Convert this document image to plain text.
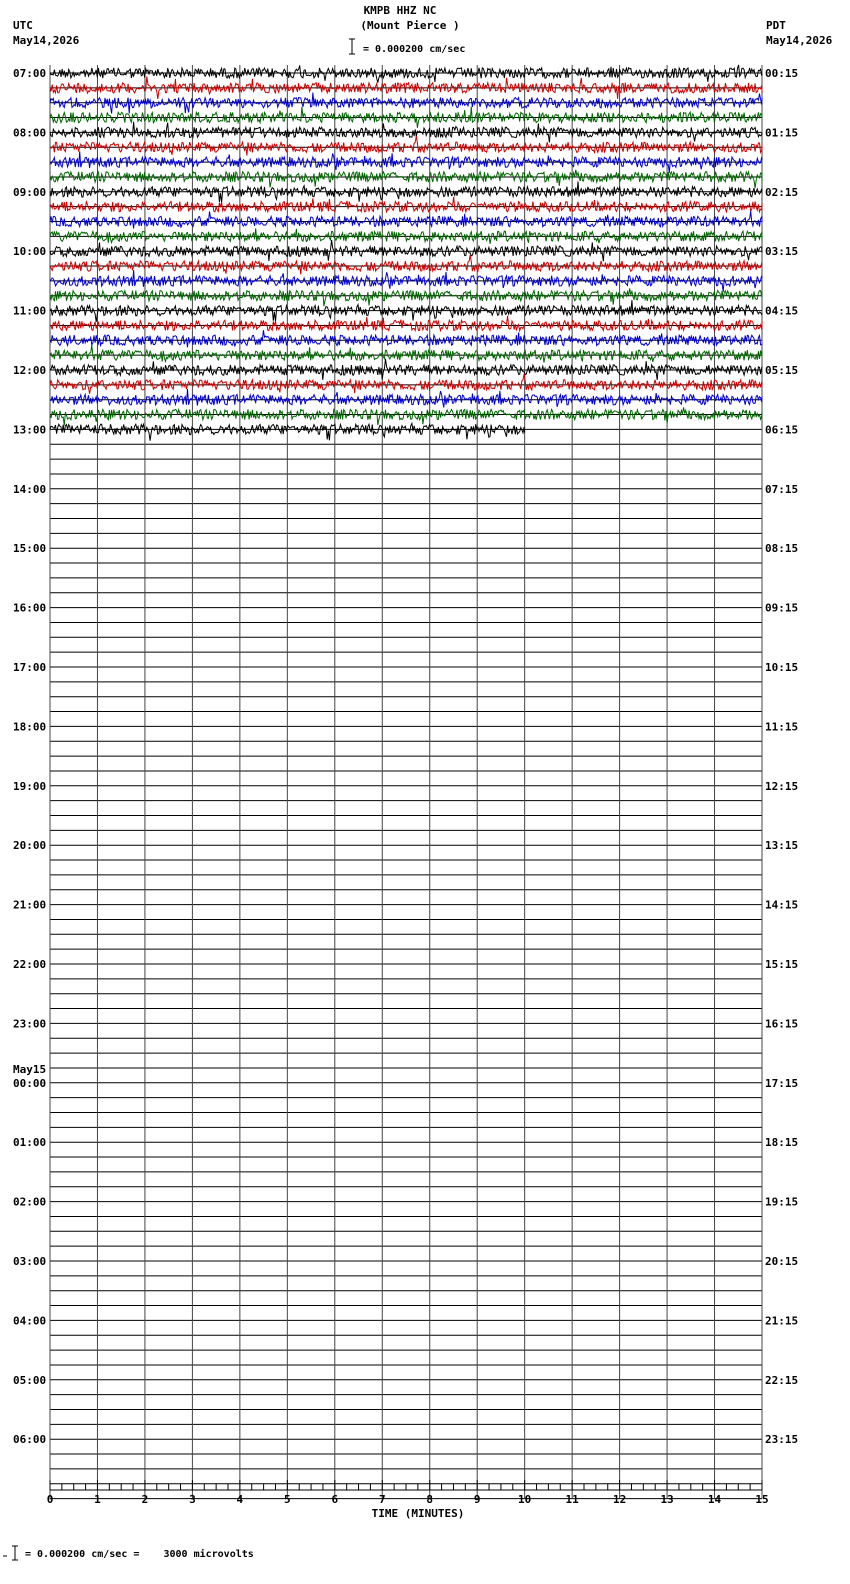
KMPB HHZ NC
(Mount Pierce )
UTC
May14,2026
PDT
May14,2026
= 0.000200 cm/sec
= 0.000200 cm/sec =    3000 microvolts
0	1	2	3	4	5	6	7	8	9	10	11	12	13	14	15
TIME (MINUTES)
07:00
08:00
09:00
10:00
11:00
12:00
13:00
14:00
15:00
16:00
17:00
18:00
19:00
20:00
21:00
22:00
23:00
00:00
01:00
02:00
03:00
04:00
05:00
06:00
00:15
01:15
02:15
03:15
04:15
05:15
06:15
07:15
08:15
09:15
10:15
11:15
12:15
13:15
14:15
15:15
16:15
17:15
18:15
19:15
20:15
21:15
22:15
23:15
May15
